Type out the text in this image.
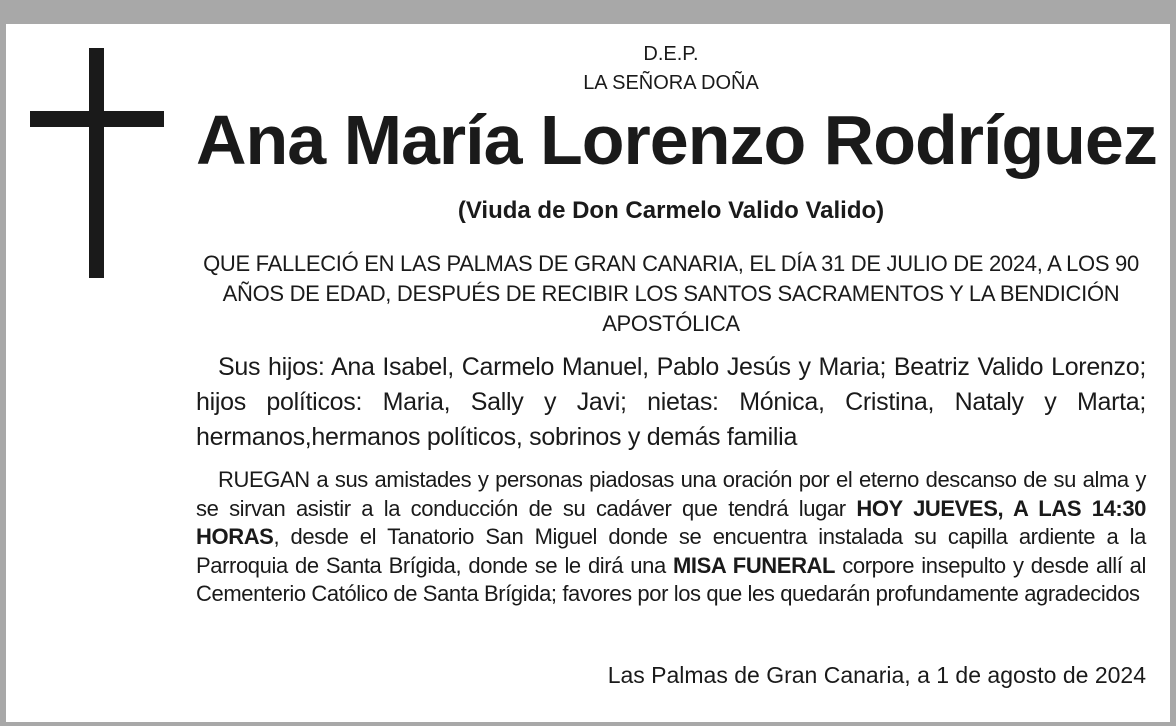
D.E.P.
LA SEÑORA DOÑA
Ana María Lorenzo Rodríguez
(Viuda de Don Carmelo Valido Valido)
QUE FALLECIÓ EN LAS PALMAS DE GRAN CANARIA, EL DÍA 31 DE JULIO DE 2024, A LOS 90 AÑOS DE EDAD, DESPUÉS DE RECIBIR LOS SANTOS SACRAMENTOS Y LA BENDICIÓN APOSTÓLICA
Sus hijos: Ana Isabel, Carmelo Manuel, Pablo Jesús y Maria; Beatriz Valido Lorenzo; hijos políticos: Maria, Sally y Javi; nietas: Mónica, Cristina, Nataly y Marta; hermanos,hermanos políticos, sobrinos y demás familia
RUEGAN a sus amistades y personas piadosas una oración por el eterno descanso de su alma y se sirvan asistir a la conducción de su cadáver que tendrá lugar HOY JUEVES, A LAS 14:30 HORAS, desde el Tanatorio San Miguel donde se encuentra instalada su capilla ardiente a la Parroquia de Santa Brígida, donde se le dirá una MISA FUNERAL corpore insepulto y desde allí al Cementerio Católico de Santa Brígida; favores por los que les quedarán profundamente agradecidos
Las Palmas de Gran Canaria, a 1 de agosto de 2024
